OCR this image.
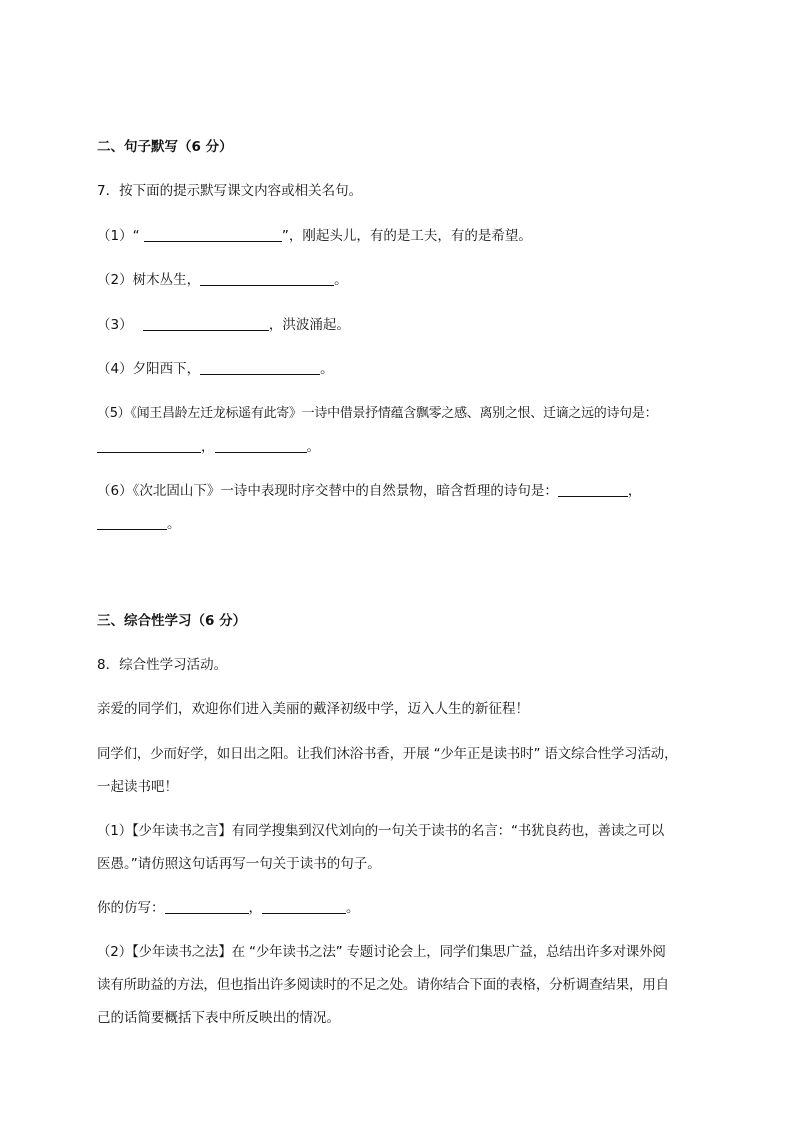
二、句子默写（6 分）
7．按下面的提示默写课文内容或相关名句。
（1）“	”，刚起头儿，有的是工夫，有的是希望。
（2）树木丛生，	。
（3）	，洪波涌起。
（4）夕阳西下，	。
（5）《闻王昌龄左迁龙标遥有此寄》一诗中借景抒情蕴含飘零之感、离别之恨、迁谪之远的诗句是：
，	。
（6）《次北固山下》一诗中表现时序交替中的自然景物，暗含哲理的诗句是：	，
。
三、综合性学习（6 分）
8．综合性学习活动。
亲爱的同学们，欢迎你们进入美丽的戴泽初级中学，迈入人生的新征程！
同学们，少而好学，如日出之阳。让我们沐浴书香，开展 “少年正是读书时” 语文综合性学习活动，
一起读书吧！
（1）【少年读书之言】有同学搜集到汉代刘向的一句关于读书的名言：“书犹良药也，善读之可以
医愚。”请仿照这句话再写一句关于读书的句子。
你的仿写：	，	。
（2）【少年读书之法】在 “少年读书之法” 专题讨论会上，同学们集思广益，总结出许多对课外阅
读有所助益的方法，但也指出许多阅读时的不足之处。请你结合下面的表格，分析调查结果，用自
己的话简要概括下表中所反映出的情况。
